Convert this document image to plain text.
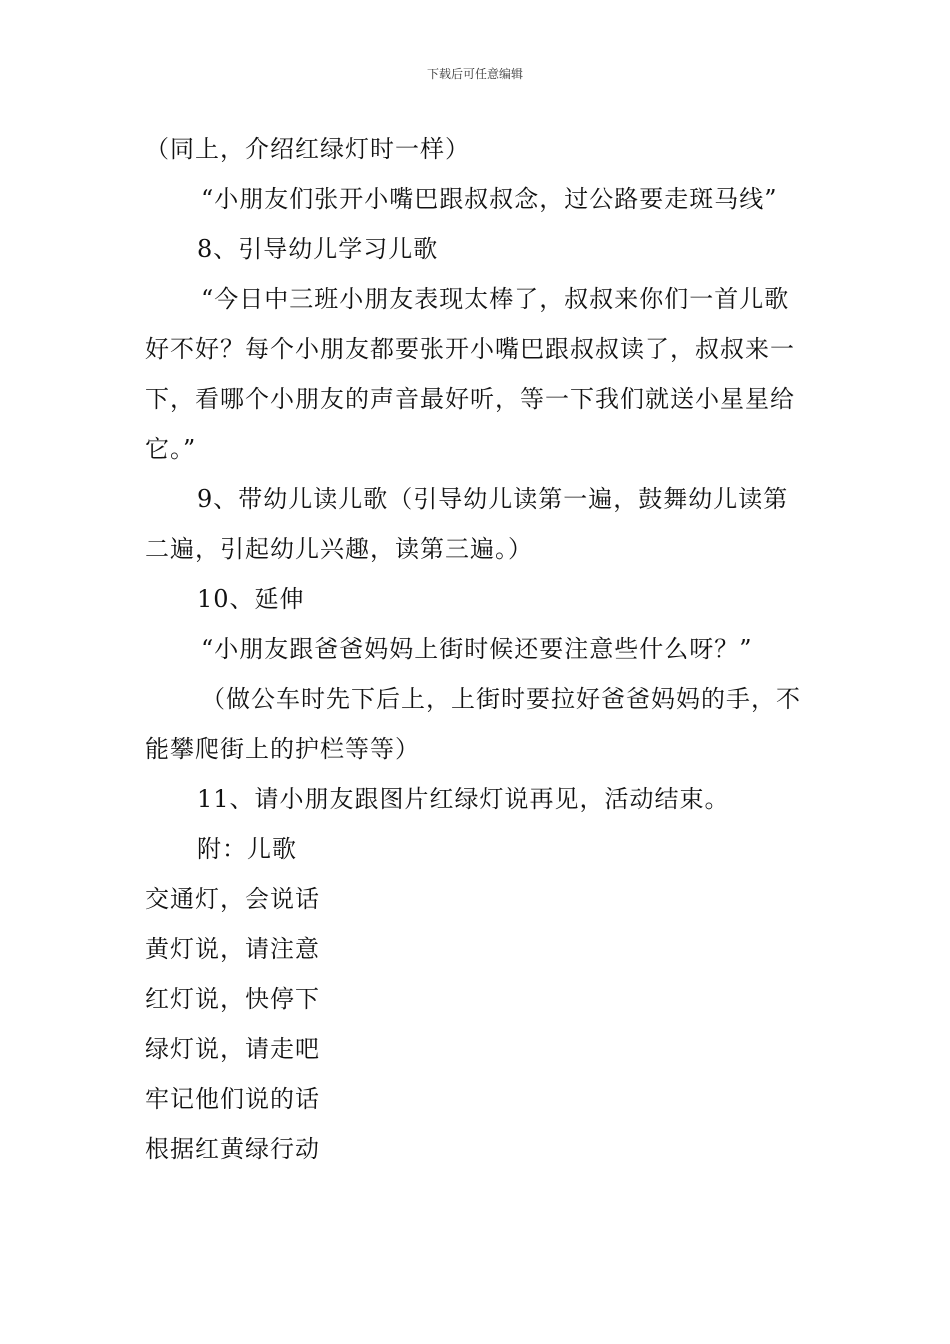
下载后可任意编辑

（同上，介绍红绿灯时一样）

“小朋友们张开小嘴巴跟叔叔念，过公路要走斑马线”

8、引导幼儿学习儿歌

“今日中三班小朋友表现太棒了，叔叔来你们一首儿歌好不好？每个小朋友都要张开小嘴巴跟叔叔读了，叔叔来一下，看哪个小朋友的声音最好听，等一下我们就送小星星给它。”

9、带幼儿读儿歌（引导幼儿读第一遍，鼓舞幼儿读第二遍，引起幼儿兴趣，读第三遍。）

10、延伸

“小朋友跟爸爸妈妈上街时候还要注意些什么呀？”

（做公车时先下后上，上街时要拉好爸爸妈妈的手，不能攀爬街上的护栏等等）

11、请小朋友跟图片红绿灯说再见，活动结束。

附：儿歌

交通灯，会说话

黄灯说，请注意

红灯说，快停下

绿灯说，请走吧

牢记他们说的话

根据红黄绿行动
